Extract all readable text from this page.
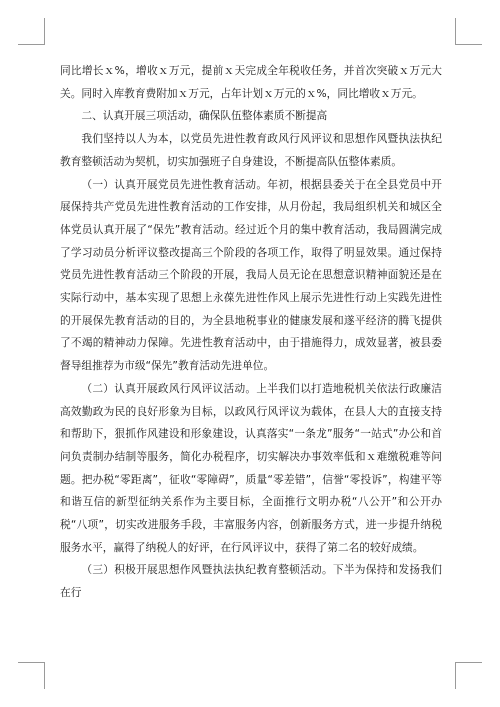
同比增长ｘ%，增收ｘ万元，提前ｘ天完成全年税收任务，并首次突破ｘ万元大关。同时入库教育费附加ｘ万元，占年计划ｘ万元的ｘ%，同比增收ｘ万元。

二、认真开展三项活动，确保队伍整体素质不断提高

我们坚持以人为本，以党员先进性教育政风行风评议和思想作风暨执法执纪教育整顿活动为契机，切实加强班子自身建设，不断提高队伍整体素质。

（一）认真开展党员先进性教育活动。年初，根据县委关于在全县党员中开展保持共产党员先进性教育活动的工作安排，从月份起，我局组织机关和城区全体党员认真开展了“保先”教育活动。经过近个月的集中教育活动，我局圆满完成了学习动员分析评议整改提高三个阶段的各项工作，取得了明显效果。通过保持党员先进性教育活动三个阶段的开展，我局人员无论在思想意识精神面貌还是在实际行动中，基本实现了思想上永葆先进性作风上展示先进性行动上实践先进性的开展保先教育活动的目的，为全县地税事业的健康发展和遂平经济的腾飞提供了不竭的精神动力保障。先进性教育活动中，由于措施得力，成效显著，被县委督导组推荐为市级“保先”教育活动先进单位。

（二）认真开展政风行风评议活动。上半我们以打造地税机关依法行政廉洁高效勤政为民的良好形象为目标，以政风行风评议为载体，在县人大的直接支持和帮助下，狠抓作风建设和形象建设，认真落实“一条龙”服务“一站式”办公和首问负责制办结制等服务，简化办税程序，切实解决办事效率低和ｘ难缴税难等问题。把办税“零距离”，征收“零障碍”，质量“零差错”，信誉“零投诉”，构建平等和谐互信的新型征纳关系作为主要目标，全面推行文明办税“八公开”和公开办税“八项”，切实改进服务手段，丰富服务内容，创新服务方式，进一步提升纳税服务水平，赢得了纳税人的好评，在行风评议中，获得了第二名的较好成绩。

（三）积极开展思想作风暨执法执纪教育整顿活动。下半为保持和发扬我们在行
